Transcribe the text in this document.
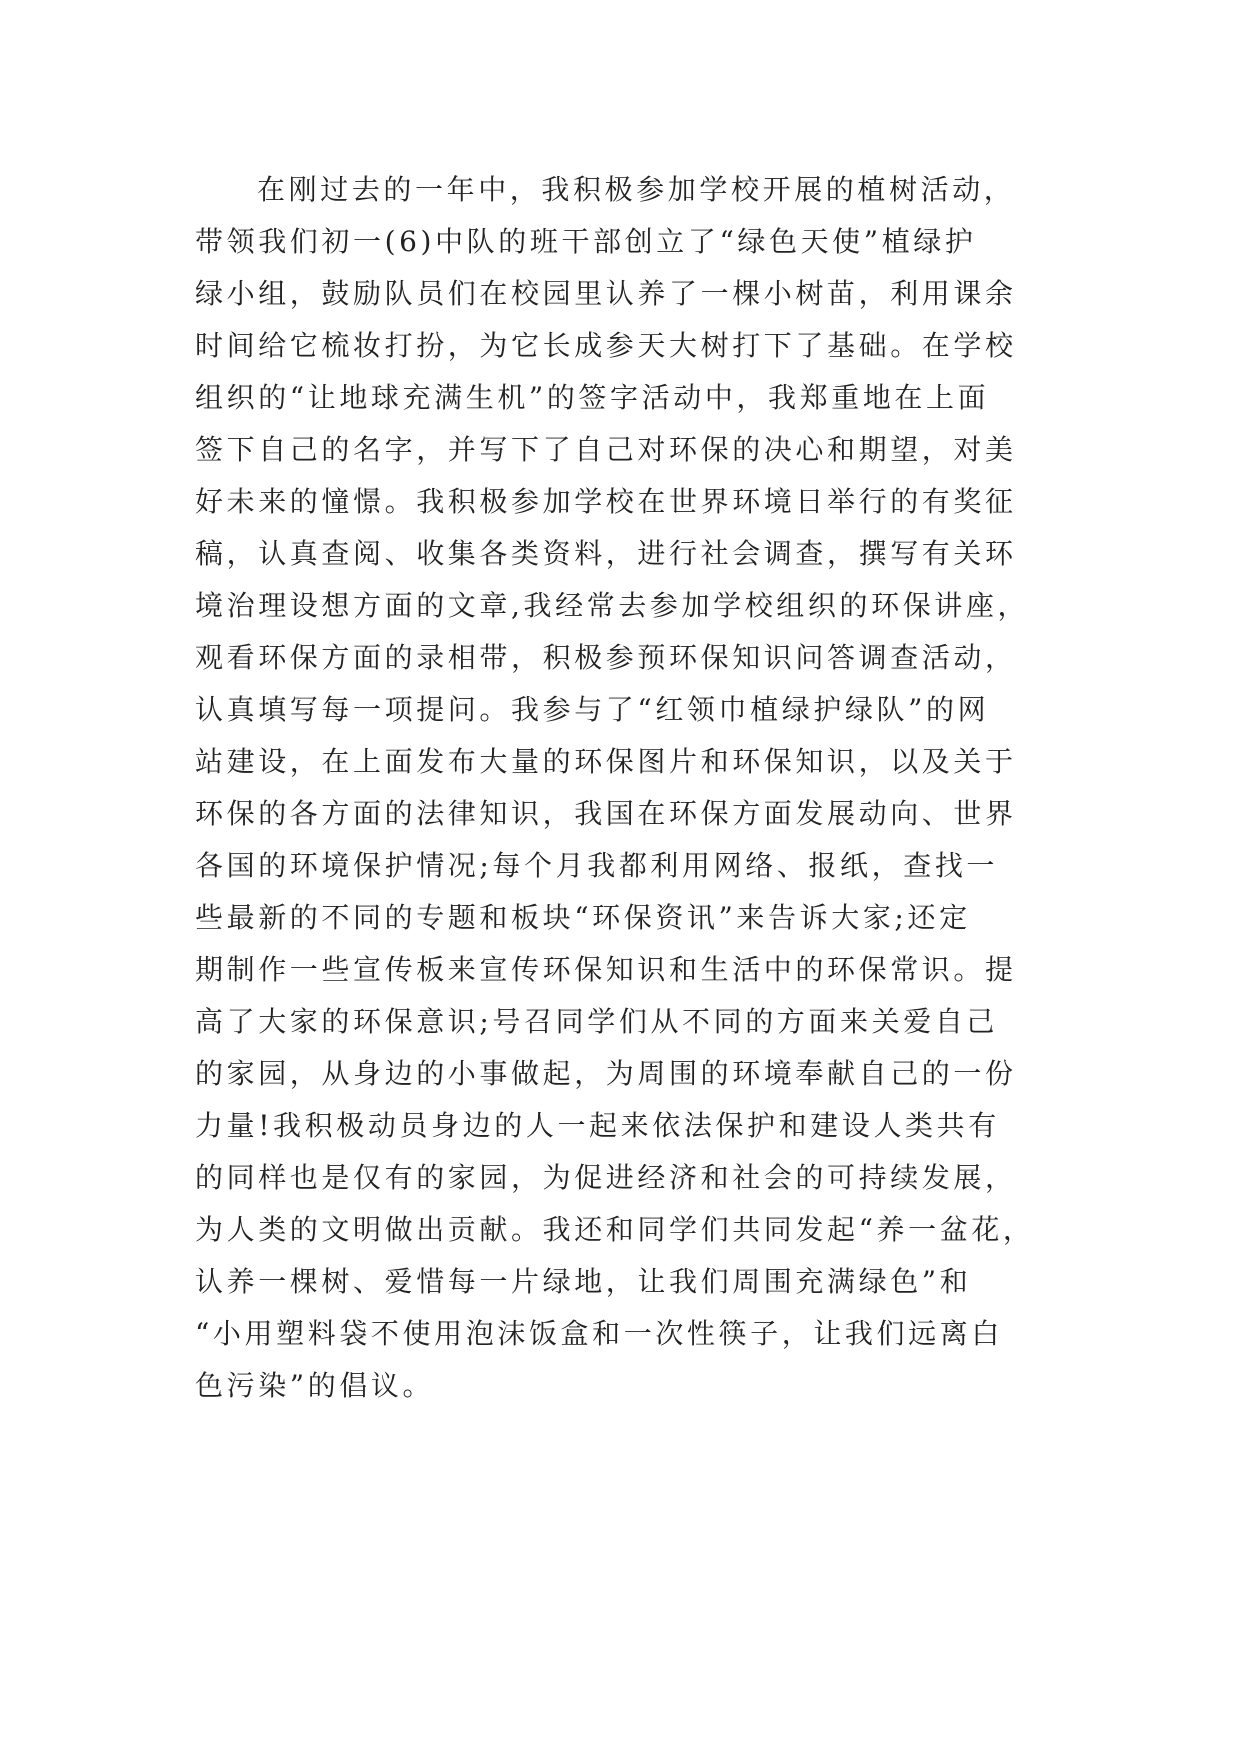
在刚过去的一年中，我积极参加学校开展的植树活动，
带领我们初一(6)中队的班干部创立了“绿色天使”植绿护
绿小组，鼓励队员们在校园里认养了一棵小树苗，利用课余
时间给它梳妆打扮，为它长成参天大树打下了基础。在学校
组织的“让地球充满生机”的签字活动中，我郑重地在上面
签下自己的名字，并写下了自己对环保的决心和期望，对美
好未来的憧憬。我积极参加学校在世界环境日举行的有奖征
稿，认真查阅、收集各类资料，进行社会调查，撰写有关环
境治理设想方面的文章,我经常去参加学校组织的环保讲座，
观看环保方面的录相带，积极参预环保知识问答调查活动，
认真填写每一项提问。我参与了“红领巾植绿护绿队”的网
站建设，在上面发布大量的环保图片和环保知识，以及关于
环保的各方面的法律知识，我国在环保方面发展动向、世界
各国的环境保护情况;每个月我都利用网络、报纸，查找一
些最新的不同的专题和板块“环保资讯”来告诉大家;还定
期制作一些宣传板来宣传环保知识和生活中的环保常识。提
高了大家的环保意识;号召同学们从不同的方面来关爱自己
的家园，从身边的小事做起，为周围的环境奉献自己的一份
力量!我积极动员身边的人一起来依法保护和建设人类共有
的同样也是仅有的家园，为促进经济和社会的可持续发展，
为人类的文明做出贡献。我还和同学们共同发起“养一盆花，
认养一棵树、爱惜每一片绿地，让我们周围充满绿色”和
“小用塑料袋不使用泡沫饭盒和一次性筷子，让我们远离白
色污染”的倡议。
